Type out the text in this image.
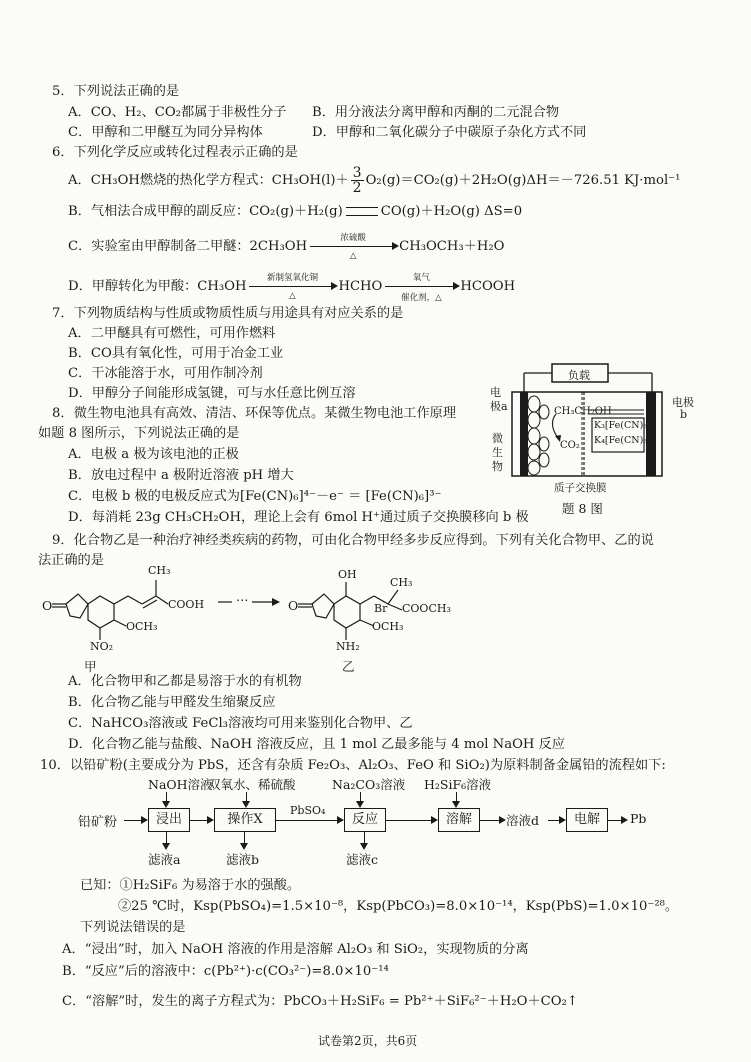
5．下列说法正确的是
A．CO、H₂、CO₂都属于非极性分子 B．用分液法分离甲醇和丙酮的二元混合物
C．甲醇和二甲醚互为同分异构体	D．甲醇和二氧化碳分子中碳原子杂化方式不同
6．下列化学反应或转化过程表示正确的是
A．CH₃OH燃烧的热化学方程式：$CH_3OH(l)+ \frac{3}{2} O_2(g)=CO_2(g)+2H_2O(g)\Delta H=-726.51$ KJ·mol⁻¹
B．气相法合成甲醇的副反应：CO₂(g)＋H₂(g)	CO(g)＋H₂O(g) ΔS=0
C．实验室由甲醇制备二甲醚：2CH₃OH
浓硫酸
△
CH₃OCH₃＋H₂O
D．甲醇转化为甲酸：CH₃OH
新制氢氧化铜
△
HCHO
氧气
催化剂，△
HCOOH
7．下列物质结构与性质或物质性质与用途具有对应关系的是
A．二甲醚具有可燃性，可用作燃料
B．CO具有氧化性，可用于冶金工业
C．干冰能溶于水，可用作制冷剂
D．甲醇分子间能形成氢键，可与水任意比例互溶
8．微生物电池具有高效、清洁、环保等优点。某微生物电池工作原理
如题 8 图所示，下列说法正确的是
A．电极 a 极为该电池的正极
B．放电过程中 a 极附近溶液 pH 增大
C．电极 b 极的电极反应式为[Fe(CN)₆]⁴⁻－e⁻ ＝ [Fe(CN)₆]³⁻
D．每消耗 23g CH₃CH₂OH，理论上会有 6mol H⁺通过质子交换膜移向 b 极
负载
电
极a	电极
b
CH₃CH₂OH
CO₂
微
生
物
K₃[Fe(CN)₆]/
K₄[Fe(CN)₆]
质子交换膜
题 8 图
9．化合物乙是一种治疗神经类疾病的药物，可由化合物甲经多步反应得到。下列有关化合物甲、乙的说
法正确的是
O
CH₃
COOH
OCH₃
NO₂
⋯	O
OH
CH₃
Br COOCH₃
OCH₃
NH₂
甲	乙
A．化合物甲和乙都是易溶于水的有机物
B．化合物乙能与甲醛发生缩聚反应
C．NaHCO₃溶液或 FeCl₃溶液均可用来鉴别化合物甲、乙
D．化合物乙能与盐酸、NaOH 溶液反应，且 1 mol 乙最多能与 4 mol NaOH 反应
10．以铅矿粉(主要成分为 PbS，还含有杂质 Fe₂O₃、Al₂O₃、FeO 和 SiO₂)为原料制备金属铅的流程如下:
NaOH溶液
双氧水、稀硫酸	Na₂CO₃溶液 H₂SiF₆溶液
铅矿粉	浸出	操作X
PbSO₄
反应	溶解	溶液d	电解	Pb
滤液a	滤液b	滤液c
已知：①H₂SiF₆ 为易溶于水的强酸。
②25 ℃时，Ksp(PbSO₄)=1.5×10⁻⁸，Ksp(PbCO₃)=8.0×10⁻¹⁴，Ksp(PbS)=1.0×10⁻²⁸。
下列说法错误的是
A．“浸出”时，加入 NaOH 溶液的作用是溶解 Al₂O₃ 和 SiO₂，实现物质的分离
B．“反应”后的溶液中：c(Pb²⁺)·c(CO₃²⁻)=8.0×10⁻¹⁴
C．“溶解”时，发生的离子方程式为：PbCO₃＋H₂SiF₆ = Pb²⁺＋SiF₆²⁻＋H₂O＋CO₂↑
试卷第2页，共6页
